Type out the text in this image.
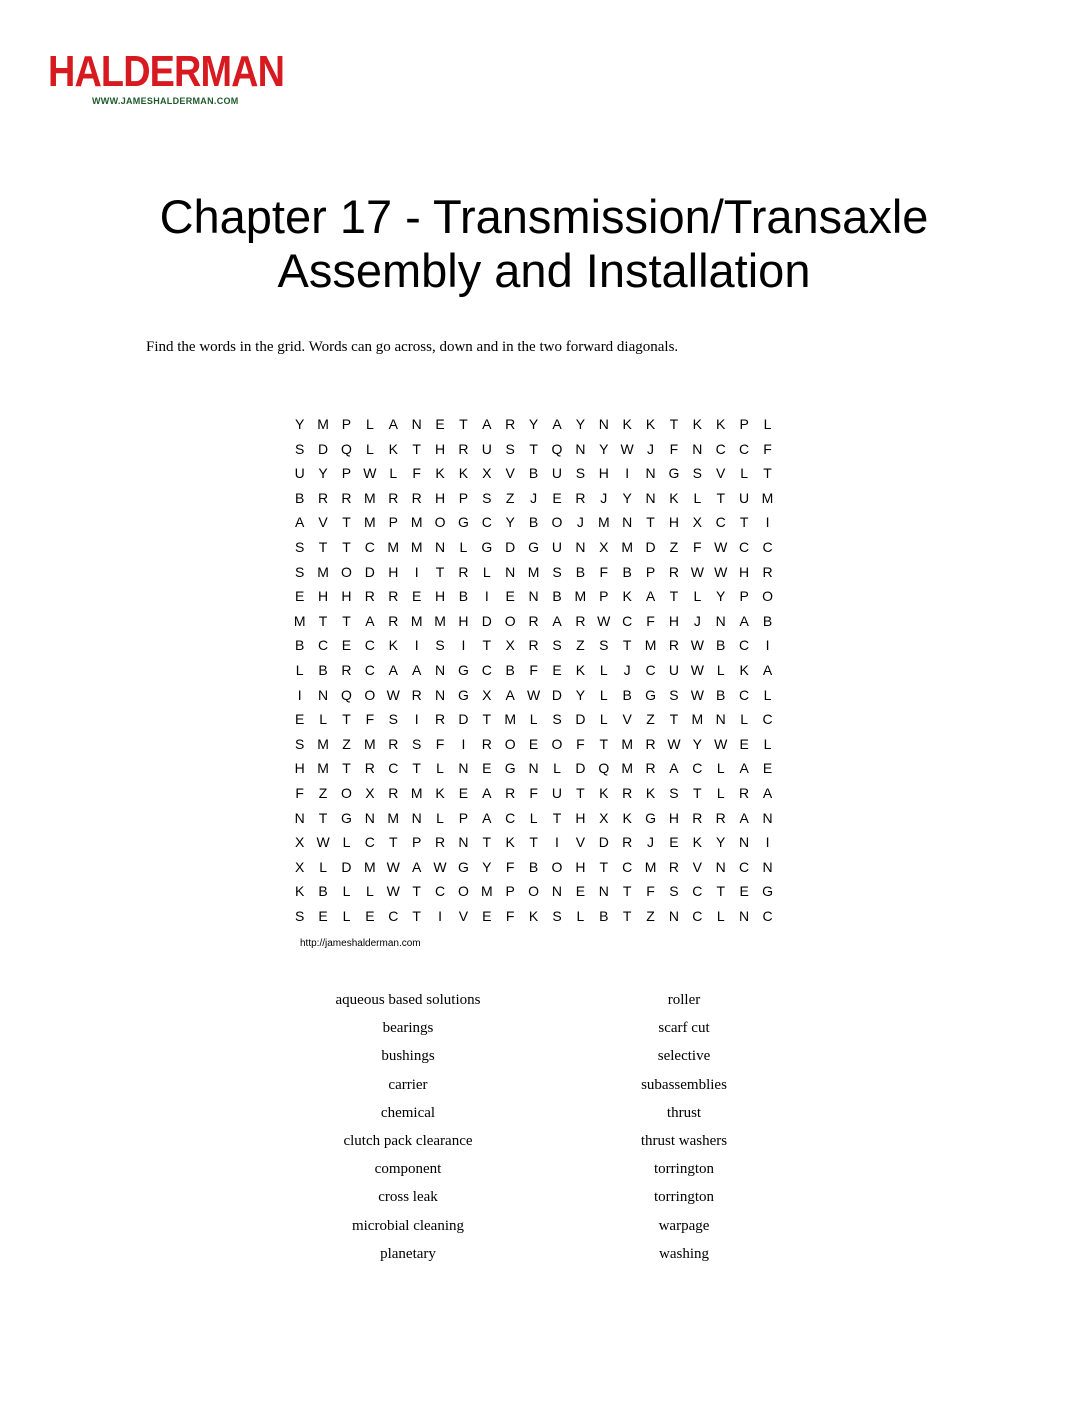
HALDERMAN
WWW.JAMESHALDERMAN.COM
Chapter 17 - Transmission/Transaxle
Assembly and Installation
Find the words in the grid. Words can go across, down and in the two forward diagonals.
Y M P	L	A N E	T	A R Y	A	Y N K	K	T	K	K	P	L
S D Q	L	K	T	H R U S	T Q N Y W J	F	N C C	F
U Y	P W L	F	K	K	X	V	B U S H	I	N G S	V	L	T
B R R M R R H P	S	Z	J	E R	J	Y N K	L	T	U M
A	V	T M P M O G C Y	B O	J	M N	T	H X C	T	I
S	T	T	C M M N	L	G D G U N X M D	Z	F W C C
S M O D H	I	T	R	L	N M S	B	F	B	P R W W H R
E H H R R E H B	I	E N B M P	K	A	T	L	Y	P O
M T	T	A R M M H D O R A R W C	F	H	J	N A	B
B C E C K	I	S	I	T	X R S	Z	S	T M R W B C	I
L	B R C A	A N G C B	F	E	K	L	J	C U W L	K	A
I	N Q O W R N G X	A W D Y	L	B G S W B C	L
E	L	T	F	S	I	R D	T M L	S D	L	V	Z	T M N	L	C
S M Z M R S	F	I	R O E O F	T M R W Y W E	L
H M T	R C	T	L	N E G N	L	D Q M R A C	L	A	E
F	Z O X R M K	E	A R	F	U	T	K R K	S	T	L	R A
N	T G N M N	L	P	A C	L	T	H X	K G H R R A N
X W L	C	T	P R N	T	K	T	I	V D R	J	E	K	Y N	I
X	L	D M W A W G Y	F	B O H	T	C M R V N C N
K	B	L	L W T	C O M P O N E N	T	F	S C	T	E G
S	E	L	E C	T	I	V	E	F	K	S	L	B	T	Z	N C	L	N C
http://jameshalderman.com
aqueous based solutions
bearings
bushings
carrier
chemical
clutch pack clearance
component
cross leak
microbial cleaning
planetary
roller
scarf cut
selective
subassemblies
thrust
thrust washers
torrington
torrington
warpage
washing
